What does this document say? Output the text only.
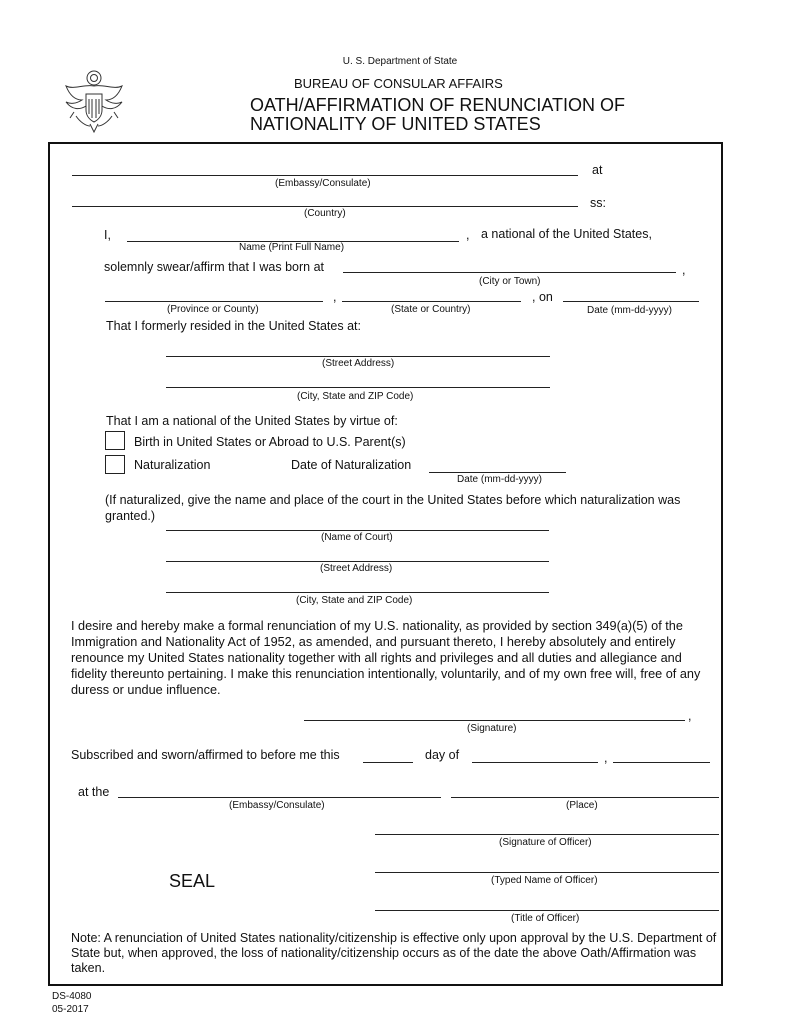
U. S. Department of State
BUREAU OF CONSULAR AFFAIRS
OATH/AFFIRMATION OF RENUNCIATION OF
NATIONALITY OF UNITED STATES
at
(Embassy/Consulate)
ss:
(Country)
I,	, a national of the United States,
Name (Print Full Name)
solemnly swear/affirm that I was born at	,
(City or Town)
,	, on
(Province or County)	(State or Country)	Date (mm-dd-yyyy)
That I formerly resided in the United States at:
(Street Address)
(City, State and ZIP Code)
That I am a national of the United States by virtue of:
Birth in United States or Abroad to U.S. Parent(s)
Naturalization	Date of Naturalization
Date (mm-dd-yyyy)
(If naturalized, give the name and place of the court in the United States before which naturalization was granted.)
(Name of Court)
(Street Address)
(City, State and ZIP Code)
I desire and hereby make a formal renunciation of my U.S. nationality, as provided by section 349(a)(5) of the Immigration and Nationality Act of 1952, as amended, and pursuant thereto, I hereby absolutely and entirely renounce my United States nationality together with all rights and privileges and all duties and allegiance and fidelity thereunto pertaining. I make this renunciation intentionally, voluntarily, and of my own free will, free of any duress or undue influence.
,
(Signature)
Subscribed and sworn/affirmed to before me this	day of	,
at the
(Embassy/Consulate)	(Place)
(Signature of Officer)
SEAL	(Typed Name of Officer)
(Title of Officer)
Note: A renunciation of United States nationality/citizenship is effective only upon approval by the U.S. Department of State but, when approved, the loss of nationality/citizenship occurs as of the date the above Oath/Affirmation was taken.
DS-4080
05-2017
